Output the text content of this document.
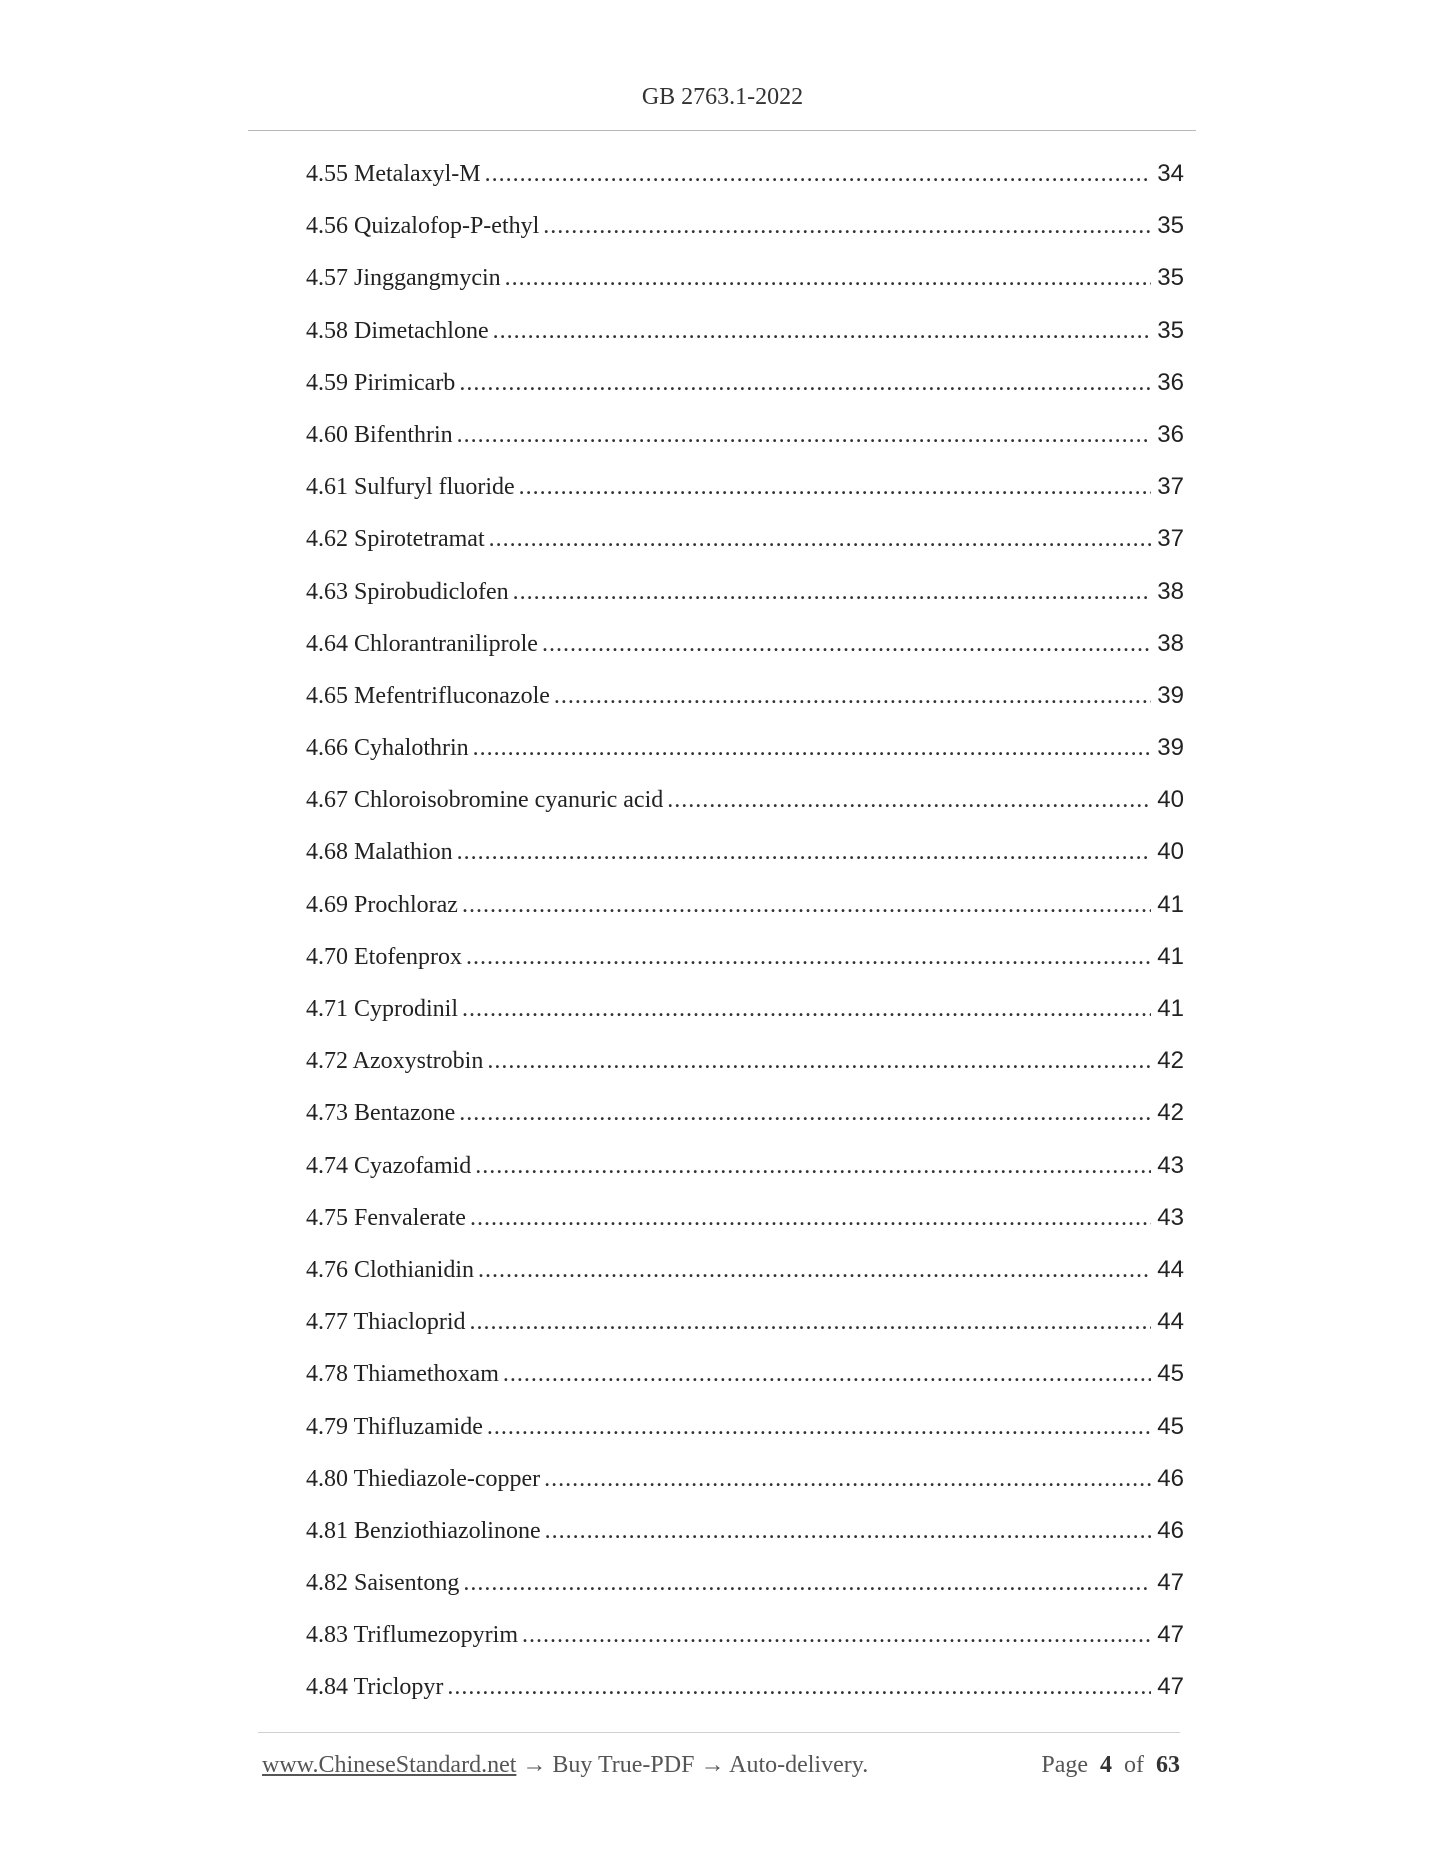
GB 2763.1-2022
4.55 Metalaxyl-M .....	34
4.56 Quizalofop-P-ethyl .....	35
4.57 Jinggangmycin .....	35
4.58 Dimetachlone .....	35
4.59 Pirimicarb .....	36
4.60 Bifenthrin .....	36
4.61 Sulfuryl fluoride .....	37
4.62 Spirotetramat .....	37
4.63 Spirobudiclofen .....	38
4.64 Chlorantraniliprole .....	38
4.65 Mefentrifluconazole .....	39
4.66 Cyhalothrin .....	39
4.67 Chloroisobromine cyanuric acid .....	40
4.68 Malathion .....	40
4.69 Prochloraz .....	41
4.70 Etofenprox .....	41
4.71 Cyprodinil .....	41
4.72 Azoxystrobin .....	42
4.73 Bentazone .....	42
4.74 Cyazofamid .....	43
4.75 Fenvalerate .....	43
4.76 Clothianidin .....	44
4.77 Thiacloprid .....	44
4.78 Thiamethoxam .....	45
4.79 Thifluzamide .....	45
4.80 Thiediazole-copper .....	46
4.81 Benziothiazolinone .....	46
4.82 Saisentong .....	47
4.83 Triflumezopyrim .....	47
4.84 Triclopyr .....	47
www.ChineseStandard.net → Buy True-PDF → Auto-delivery.	Page 4 of 63
